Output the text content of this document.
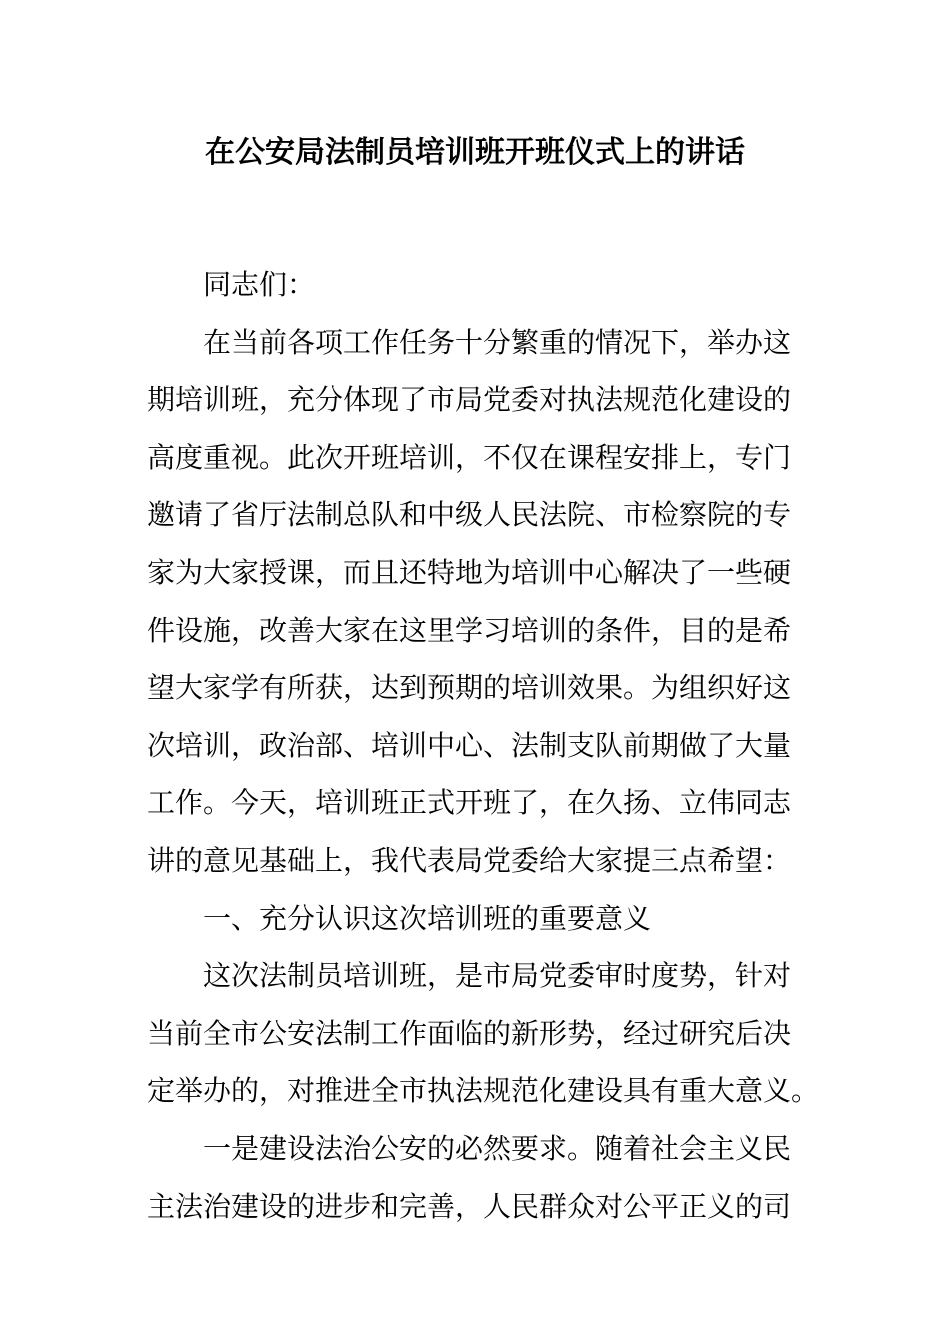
在公安局法制员培训班开班仪式上的讲话
同志们：
在当前各项工作任务十分繁重的情况下，举办这
期培训班，充分体现了市局党委对执法规范化建设的
高度重视。此次开班培训，不仅在课程安排上，专门
邀请了省厅法制总队和中级人民法院、市检察院的专
家为大家授课，而且还特地为培训中心解决了一些硬
件设施，改善大家在这里学习培训的条件，目的是希
望大家学有所获，达到预期的培训效果。为组织好这
次培训，政治部、培训中心、法制支队前期做了大量
工作。今天，培训班正式开班了，在久扬、立伟同志
讲的意见基础上，我代表局党委给大家提三点希望：
一、充分认识这次培训班的重要意义
这次法制员培训班，是市局党委审时度势，针对
当前全市公安法制工作面临的新形势，经过研究后决
定举办的，对推进全市执法规范化建设具有重大意义。
一是建设法治公安的必然要求。随着社会主义民
主法治建设的进步和完善，人民群众对公平正义的司
